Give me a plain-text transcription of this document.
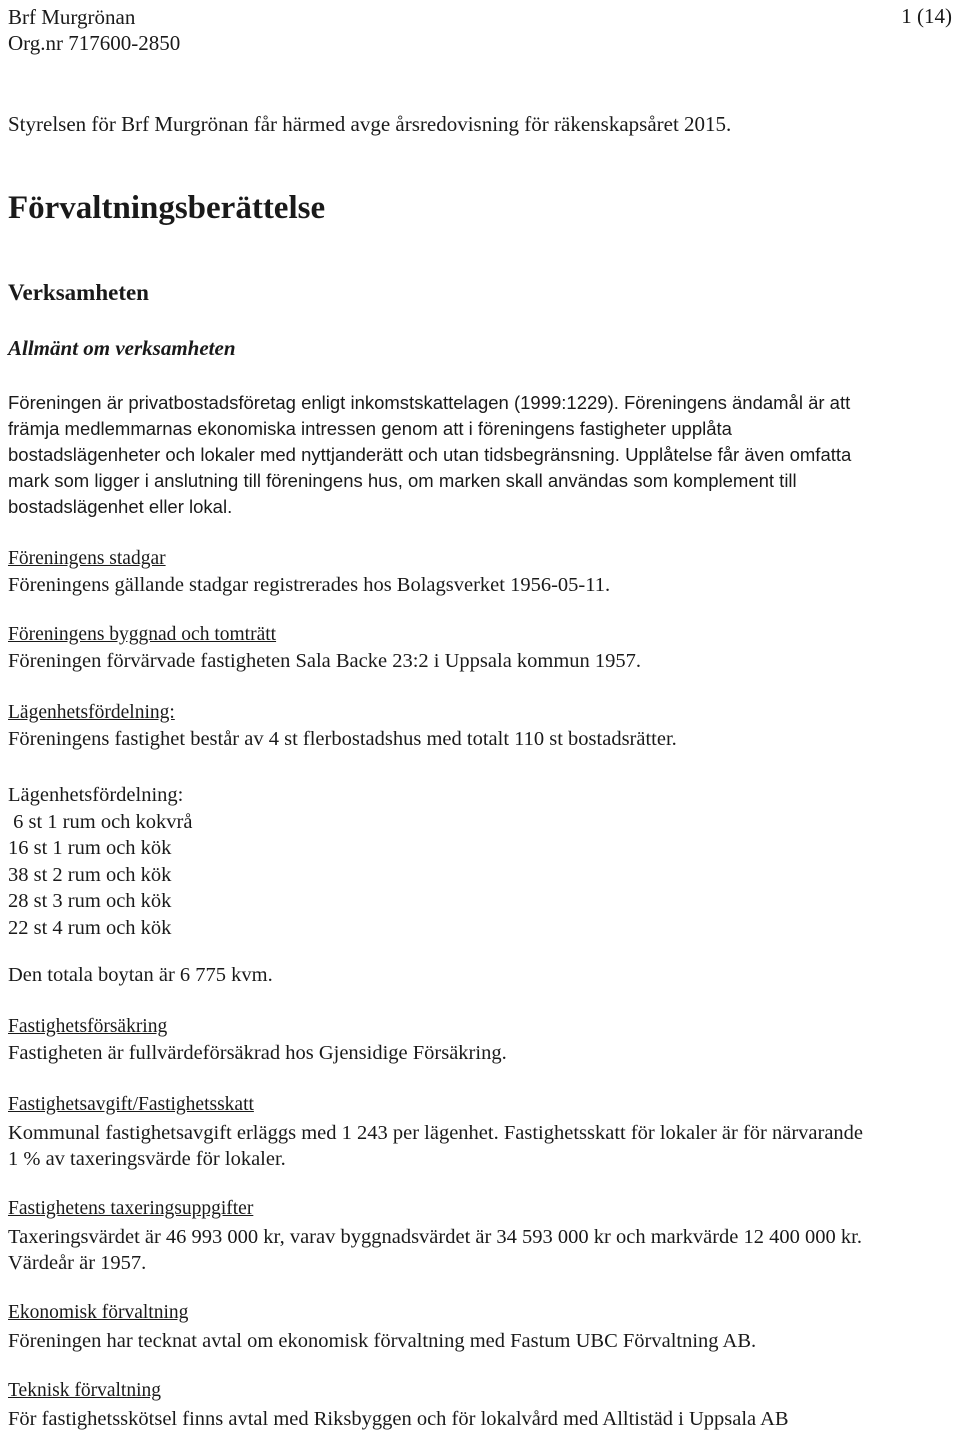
Brf Murgrönan
Org.nr 717600-2850
1 (14)

Styrelsen för Brf Murgrönan får härmed avge årsredovisning för räkenskapsåret 2015.

Förvaltningsberättelse
Verksamheten
Allmänt om verksamheten
Föreningen är privatbostadsföretag enligt inkomstskattelagen (1999:1229). Föreningens ändamål är att
främja medlemmarnas ekonomiska intressen genom att i föreningens fastigheter upplåta
bostadslägenheter och lokaler med nyttjanderätt och utan tidsbegränsning. Upplåtelse får även omfatta
mark som ligger i anslutning till föreningens hus, om marken skall användas som komplement till
bostadslägenhet eller lokal.
Föreningens stadgar
Föreningens gällande stadgar registrerades hos Bolagsverket 1956-05-11.
Föreningens byggnad och tomträtt
Föreningen förvärvade fastigheten Sala Backe 23:2 i Uppsala kommun 1957.
Lägenhetsfördelning:
Föreningens fastighet består av 4 st flerbostadshus med totalt 110 st bostadsrätter.
Lägenhetsfördelning:
6 st 1 rum och kokvrå
16 st 1 rum och kök
38 st 2 rum och kök
28 st 3 rum och kök
22 st 4 rum och kök
Den totala boytan är 6 775 kvm.
Fastighetsförsäkring
Fastigheten är fullvärdeförsäkrad hos Gjensidige Försäkring.
Fastighetsavgift/Fastighetsskatt
Kommunal fastighetsavgift erläggs med 1 243 per lägenhet. Fastighetsskatt för lokaler är för närvarande
1 % av taxeringsvärde för lokaler.
Fastighetens taxeringsuppgifter
Taxeringsvärdet är 46 993 000 kr, varav byggnadsvärdet är 34 593 000 kr och markvärde 12 400 000 kr.
Värdeår är 1957.
Ekonomisk förvaltning
Föreningen har tecknat avtal om ekonomisk förvaltning med Fastum UBC Förvaltning AB.
Teknisk förvaltning
För fastighetsskötsel finns avtal med Riksbyggen och för lokalvård med Alltistäd i Uppsala AB
